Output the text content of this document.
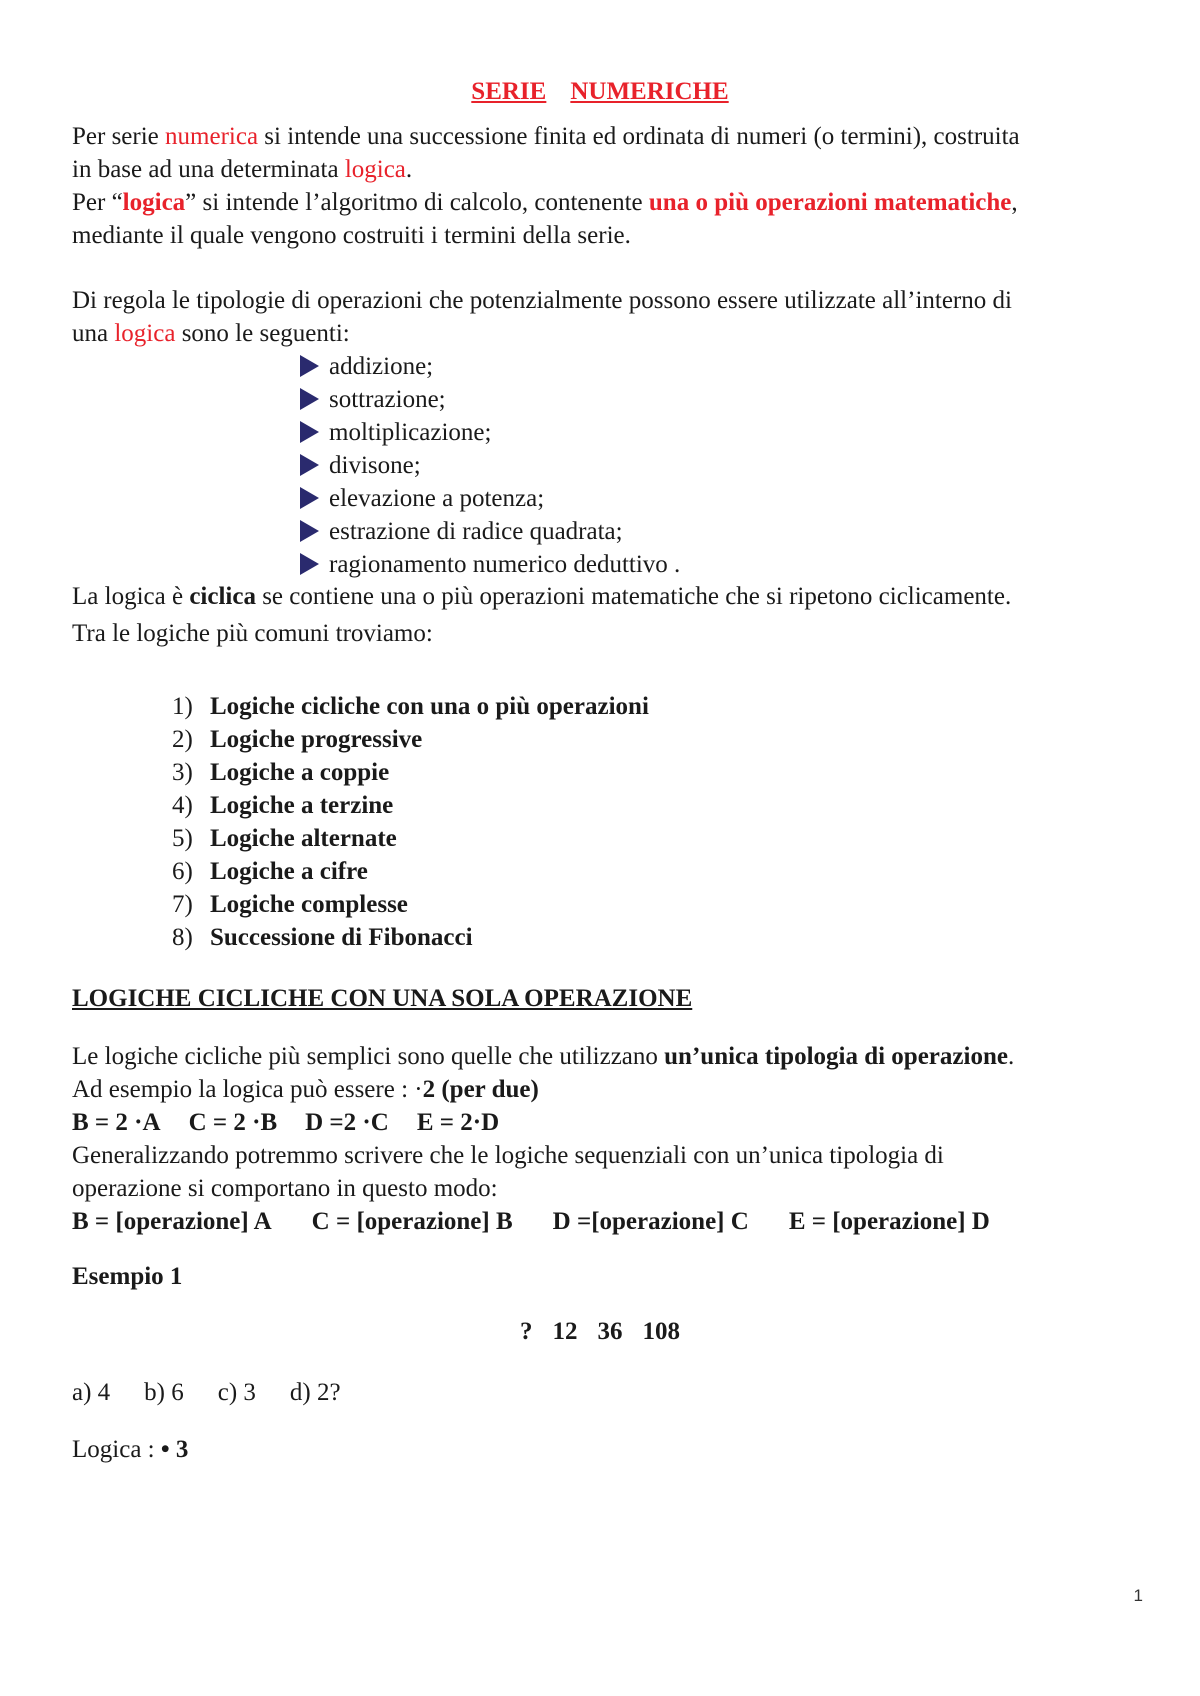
SERIE NUMERICHE
Per serie numerica si intende una successione finita ed ordinata di numeri (o termini), costruita
in base ad una determinata logica.
Per “logica” si intende l’algoritmo di calcolo, contenente una o più operazioni matematiche,
mediante il quale vengono costruiti i termini della serie.
Di regola le tipologie di operazioni che potenzialmente possono essere utilizzate all’interno di
una logica sono le seguenti:
addizione;
sottrazione;
moltiplicazione;
divisone;
elevazione a potenza;
estrazione di radice quadrata;
ragionamento numerico deduttivo .
La logica è ciclica se contiene una o più operazioni matematiche che si ripetono ciclicamente.
Tra le logiche più comuni troviamo:
1) Logiche cicliche con una o più operazioni
2) Logiche progressive
3) Logiche a coppie
4) Logiche a terzine
5) Logiche alternate
6) Logiche a cifre
7) Logiche complesse
8) Successione di Fibonacci
LOGICHE CICLICHE CON UNA SOLA OPERAZIONE
Le logiche cicliche più semplici sono quelle che utilizzano un’unica tipologia di operazione.
Ad esempio la logica può essere : ·2 (per due)
B = 2 ·A C = 2 ·B D =2 ·C E = 2·D
Generalizzando potremmo scrivere che le logiche sequenziali con un’unica tipologia di
operazione si comportano in questo modo:
B = [operazione] A C = [operazione] B D =[operazione] C E = [operazione] D
Esempio 1
? 12 36 108
a) 4 b) 6 c) 3 d) 2?
Logica : • 3
1
